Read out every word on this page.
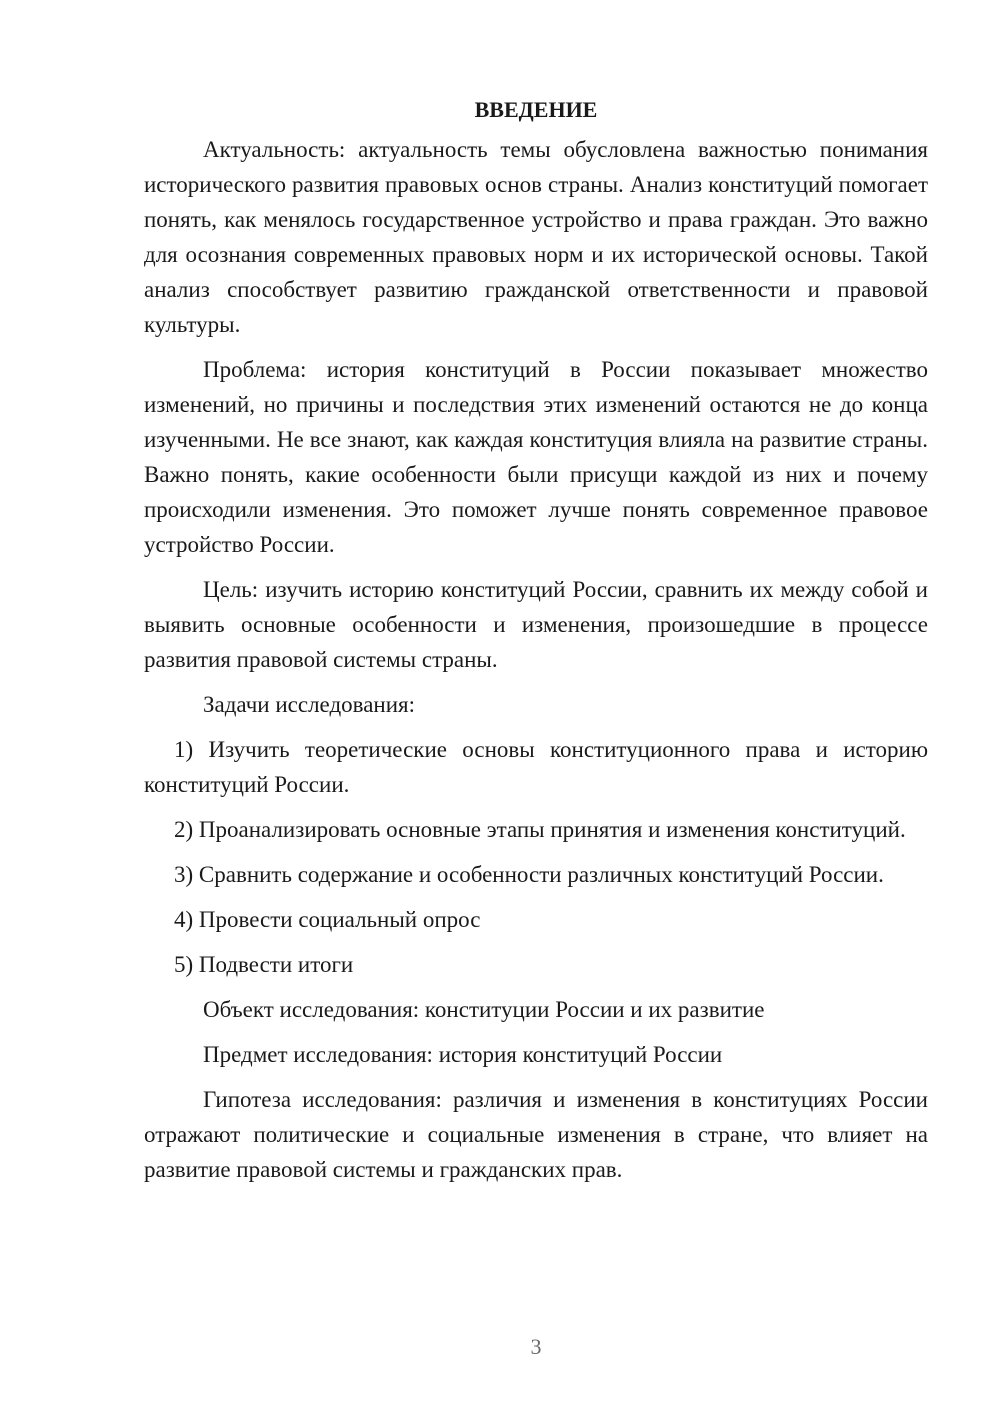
ВВЕДЕНИЕ

Актуальность: актуальность темы обусловлена важностью понимания исторического развития правовых основ страны. Анализ конституций помогает понять, как менялось государственное устройство и права граждан. Это важно для осознания современных правовых норм и их исторической основы. Такой анализ способствует развитию гражданской ответственности и правовой культуры.

Проблема: история конституций в России показывает множество изменений, но причины и последствия этих изменений остаются не до конца изученными. Не все знают, как каждая конституция влияла на развитие страны. Важно понять, какие особенности были присущи каждой из них и почему происходили изменения. Это поможет лучше понять современное правовое устройство России.

Цель: изучить историю конституций России, сравнить их между собой и выявить основные особенности и изменения, произошедшие в процессе развития правовой системы страны.

Задачи исследования:

1) Изучить теоретические основы конституционного права и историю конституций России.

2) Проанализировать основные этапы принятия и изменения конституций.

3) Сравнить содержание и особенности различных конституций России.

4) Провести социальный опрос

5) Подвести итоги

Объект исследования: конституции России и их развитие

Предмет исследования: история конституций России

Гипотеза исследования: различия и изменения в конституциях России отражают политические и социальные изменения в стране, что влияет на развитие правовой системы и гражданских прав.

3
